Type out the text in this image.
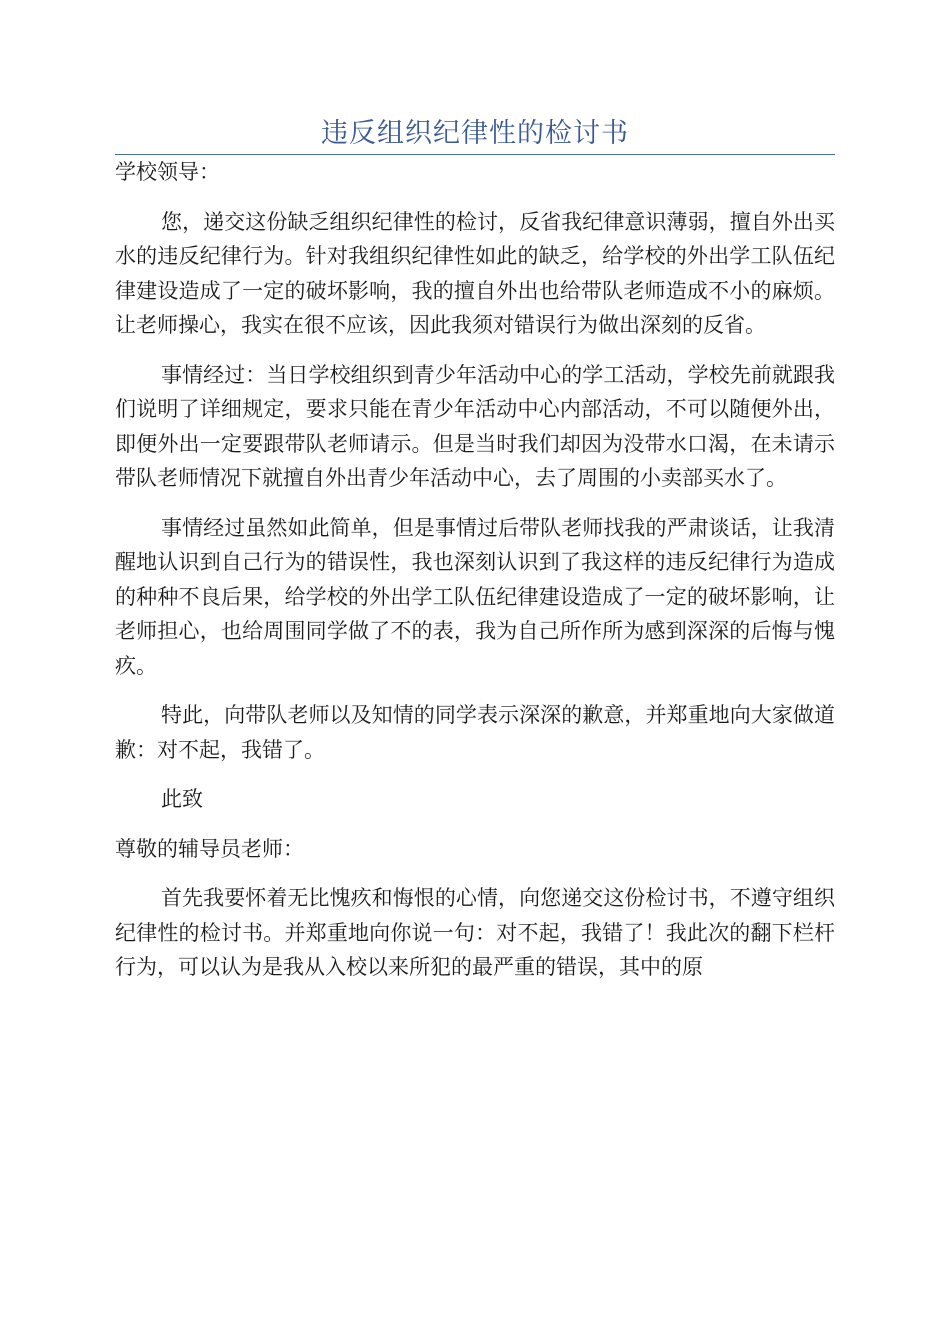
违反组织纪律性的检讨书

学校领导：

您，递交这份缺乏组织纪律性的检讨，反省我纪律意识薄弱，擅自外出买水的违反纪律行为。针对我组织纪律性如此的缺乏，给学校的外出学工队伍纪律建设造成了一定的破坏影响，我的擅自外出也给带队老师造成不小的麻烦。让老师操心，我实在很不应该，因此我须对错误行为做出深刻的反省。

事情经过：当日学校组织到青少年活动中心的学工活动，学校先前就跟我们说明了详细规定，要求只能在青少年活动中心内部活动，不可以随便外出，即便外出一定要跟带队老师请示。但是当时我们却因为没带水口渴，在未请示带队老师情况下就擅自外出青少年活动中心，去了周围的小卖部买水了。

事情经过虽然如此简单，但是事情过后带队老师找我的严肃谈话，让我清醒地认识到自己行为的错误性，我也深刻认识到了我这样的违反纪律行为造成的种种不良后果，给学校的外出学工队伍纪律建设造成了一定的破坏影响，让老师担心，也给周围同学做了不的表，我为自己所作所为感到深深的后悔与愧疚。

特此，向带队老师以及知情的同学表示深深的歉意，并郑重地向大家做道歉：对不起，我错了。

此致

尊敬的辅导员老师：

首先我要怀着无比愧疚和悔恨的心情，向您递交这份检讨书，不遵守组织纪律性的检讨书。并郑重地向你说一句：对不起，我错了！我此次的翻下栏杆行为，可以认为是我从入校以来所犯的最严重的错误，其中的原
